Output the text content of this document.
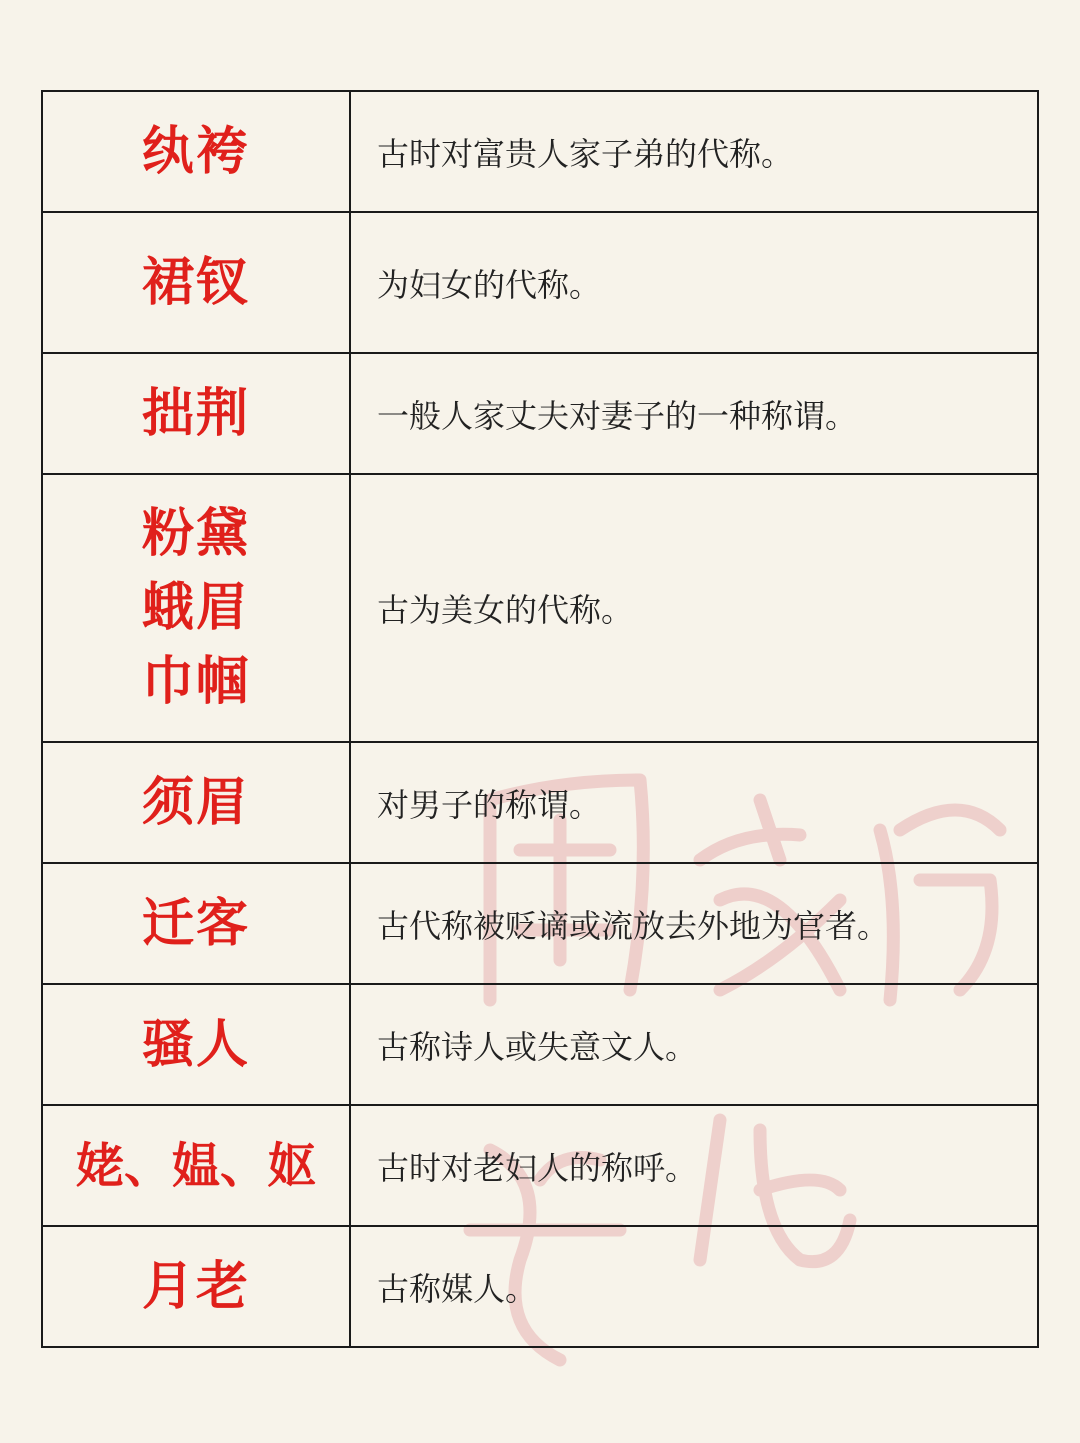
纨袴	古时对富贵人家子弟的代称。

裙钗	为妇女的代称。

拙荆	一般人家丈夫对妻子的一种称谓。

粉黛
蛾眉
巾帼	古为美女的代称。

须眉	对男子的称谓。

迁客	古代称被贬谪或流放去外地为官者。

骚人	古称诗人或失意文人。

姥、媪、妪	古时对老妇人的称呼。

月老	古称媒人。
